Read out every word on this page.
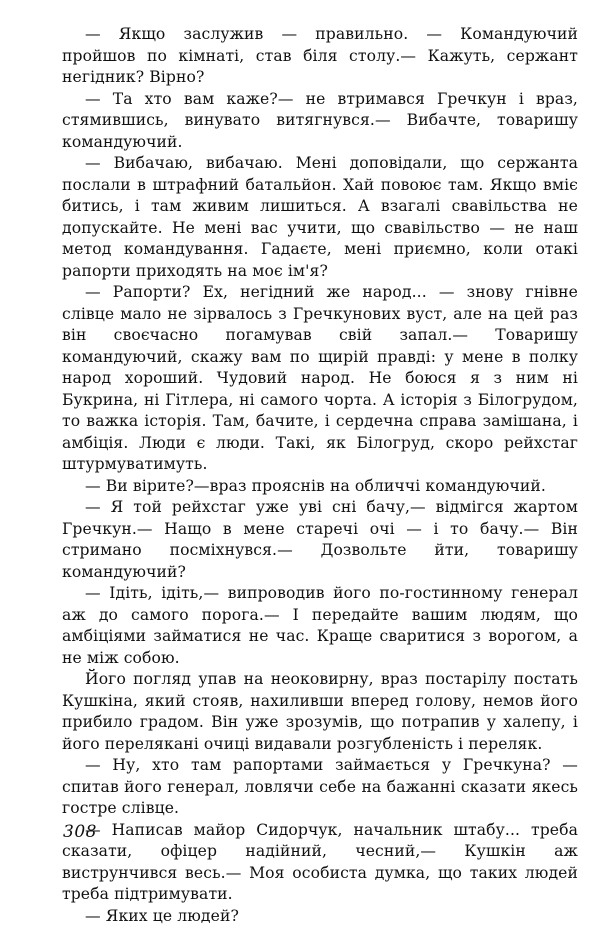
— Якщо заслужив — правильно. — Командуючий пройшов по кімнаті, став біля столу.— Кажуть, сержант негідник? Вірно?

— Та хто вам каже?— не втримався Гречкун і враз, стямившись, винувато витягнувся.— Вибачте, товаришу командуючий.

— Вибачаю, вибачаю. Мені доповідали, що сержанта послали в штрафний батальйон. Хай повоює там. Якщо вміє битись, і там живим лишиться. А взагалі свавільства не допускайте. Не мені вас учити, що свавільство — не наш метод командування. Гадаєте, мені приємно, коли отакі рапорти приходять на моє ім'я?

— Рапорти? Ех, негідний же народ... — знову гнівне слівце мало не зірвалось з Гречкунових вуст, але на цей раз він своєчасно погамував свій запал.— Товаришу командуючий, скажу вам по щирій правді: у мене в полку народ хороший. Чудовий народ. Не боюся я з ним ні Букрина, ні Гітлера, ні самого чорта. А історія з Білогрудом, то важка історія. Там, бачите, і сердечна справа замішана, і амбіція. Люди є люди. Такі, як Білогруд, скоро рейхстаг штурмуватимуть.

— Ви вірите?—враз прояснів на обличчі командуючий.

— Я той рейхстаг уже уві сні бачу,— відмігся жартом Гречкун.— Нащо в мене старечі очі — і то бачу.— Він стримано посміхнувся.— Дозвольте йти, товаришу командуючий?

— Ідіть, ідіть,— випроводив його по-гостинному генерал аж до самого порога.— І передайте вашим людям, що амбіціями займатися не час. Краще сваритися з ворогом, а не між собою.

Його погляд упав на неоковирну, враз постарілу постать Кушкіна, який стояв, нахиливши вперед голову, немов його прибило градом. Він уже зрозумів, що потрапив у халепу, і його переляканi очиці видавали розгубленість і переляк.

— Ну, хто там рапортами займається у Гречкуна? — спитав його генерал, ловлячи себе на бажанні сказати якесь гостре слівце.

— Написав майор Сидорчук, начальник штабу... треба сказати, офіцер надійний, чесний,— Кушкін аж виструнчився весь.— Моя особиста думка, що таких людей треба підтримувати.

— Яких це людей?

308
